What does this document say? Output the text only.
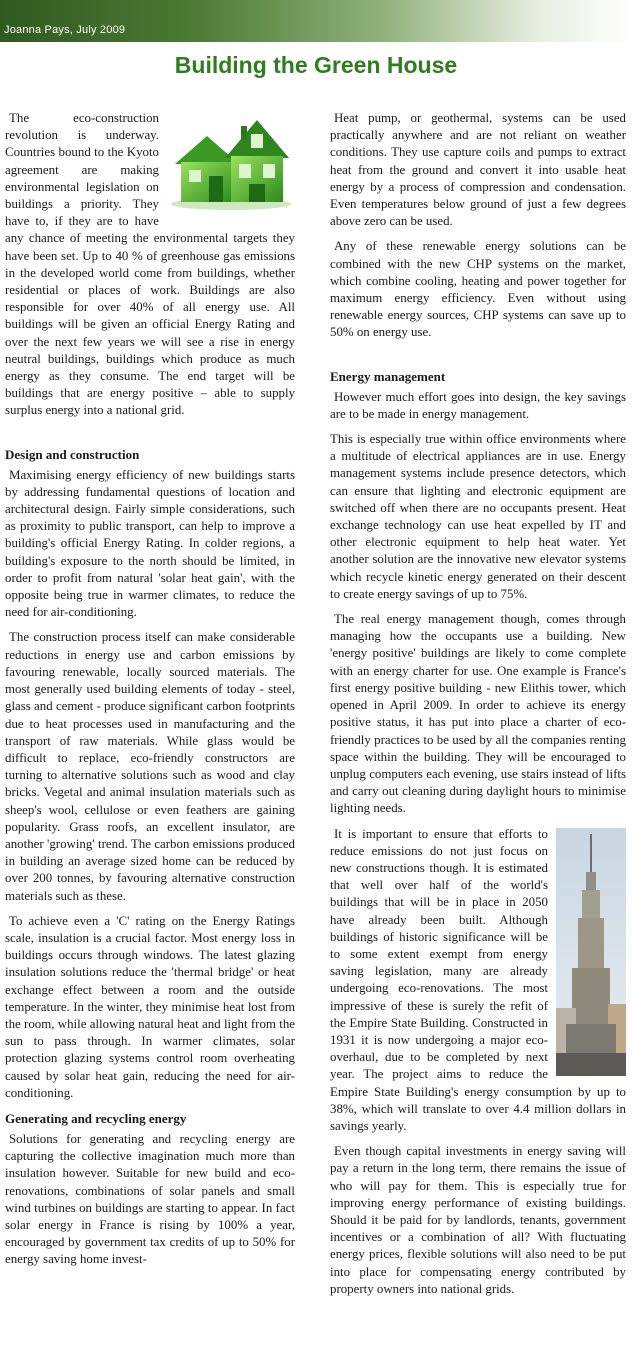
Joanna Pays, July 2009
Building the Green House

The eco-construction revolution is underway. Countries bound to the Kyoto agreement are making environmental legislation on buildings a priority. They have to, if they are to have any chance of meeting the environmental targets they have been set. Up to 40 % of greenhouse gas emissions in the developed world come from buildings, whether residential or places of work. Buildings are also responsible for over 40% of all energy use. All buildings will be given an official Energy Rating and over the next few years we will see a rise in energy neutral buildings, buildings which produce as much energy as they consume. The end target will be buildings that are energy positive – able to supply surplus energy into a national grid.

Design and construction

Maximising energy efficiency of new buildings starts by addressing fundamental questions of location and architectural design. Fairly simple considerations, such as proximity to public transport, can help to improve a building's official Energy Rating. In colder regions, a building's exposure to the north should be limited, in order to profit from natural 'solar heat gain', with the opposite being true in warmer climates, to reduce the need for air-conditioning.

The construction process itself can make considerable reductions in energy use and carbon emissions by favouring renewable, locally sourced materials. The most generally used building elements of today - steel, glass and cement - produce significant carbon footprints due to heat processes used in manufacturing and the transport of raw materials. While glass would be difficult to replace, eco-friendly constructors are turning to alternative solutions such as wood and clay bricks. Vegetal and animal insulation materials such as sheep's wool, cellulose or even feathers are gaining popularity. Grass roofs, an excellent insulator, are another 'growing' trend. The carbon emissions produced in building an average sized home can be reduced by over 200 tonnes, by favouring alternative construction materials such as these.

To achieve even a 'C' rating on the Energy Ratings scale, insulation is a crucial factor. Most energy loss in buildings occurs through windows. The latest glazing insulation solutions reduce the 'thermal bridge' or heat exchange effect between a room and the outside temperature. In the winter, they minimise heat lost from the room, while allowing natural heat and light from the sun to pass through. In warmer climates, solar protection glazing systems control room overheating caused by solar heat gain, reducing the need for air-conditioning.

Generating and recycling energy

Solutions for generating and recycling energy are capturing the collective imagination much more than insulation however. Suitable for new build and eco-renovations, combinations of solar panels and small wind turbines on buildings are starting to appear. In fact solar energy in France is rising by 100% a year, encouraged by government tax credits of up to 50% for energy saving home invest-

Heat pump, or geothermal, systems can be used practically anywhere and are not reliant on weather conditions. They use capture coils and pumps to extract heat from the ground and convert it into usable heat energy by a process of compression and condensation. Even temperatures below ground of just a few degrees above zero can be used.

Any of these renewable energy solutions can be combined with the new CHP systems on the market, which combine cooling, heating and power together for maximum energy efficiency. Even without using renewable energy sources, CHP systems can save up to 50% on energy use.

Energy management

However much effort goes into design, the key savings are to be made in energy management.

This is especially true within office environments where a multitude of electrical appliances are in use. Energy management systems include presence detectors, which can ensure that lighting and electronic equipment are switched off when there are no occupants present. Heat exchange technology can use heat expelled by IT and other electronic equipment to help heat water. Yet another solution are the innovative new elevator systems which recycle kinetic energy generated on their descent to create energy savings of up to 75%.

The real energy management though, comes through managing how the occupants use a building. New 'energy positive' buildings are likely to come complete with an energy charter for use. One example is France's first energy positive building - new Elithis tower, which opened in April 2009. In order to achieve its energy positive status, it has put into place a charter of eco-friendly practices to be used by all the companies renting space within the building. They will be encouraged to unplug computers each evening, use stairs instead of lifts and carry out cleaning during daylight hours to minimise lighting needs.

It is important to ensure that efforts to reduce emissions do not just focus on new constructions though. It is estimated that well over half of the world's buildings that will be in place in 2050 have already been built. Although buildings of historic significance will be to some extent exempt from energy saving legislation, many are already undergoing eco-renovations. The most impressive of these is surely the refit of the Empire State Building. Constructed in 1931 it is now undergoing a major eco-overhaul, due to be completed by next year. The project aims to reduce the Empire State Building's energy consumption by up to 38%, which will translate to over 4.4 million dollars in savings yearly.

Even though capital investments in energy saving will pay a return in the long term, there remains the issue of who will pay for them. This is especially true for improving energy performance of existing buildings. Should it be paid for by landlords, tenants, government incentives or a combination of all? With fluctuating energy prices, flexible solutions will also need to be put into place for compensating energy contributed by property owners into national grids.
